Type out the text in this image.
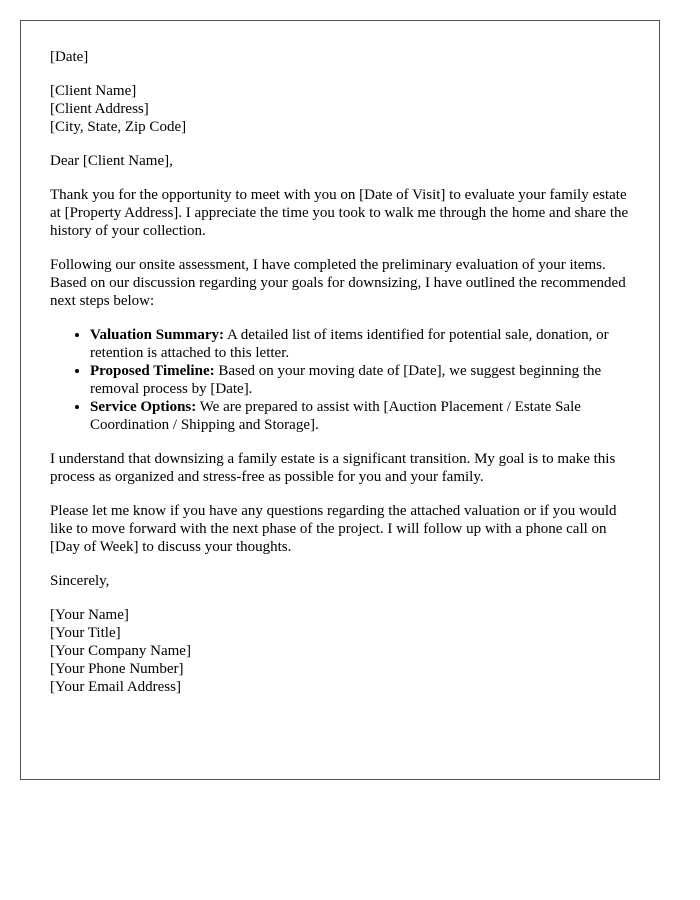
[Date]

[Client Name]
[Client Address]
[City, State, Zip Code]

Dear [Client Name],

Thank you for the opportunity to meet with you on [Date of Visit] to evaluate your family estate at [Property Address]. I appreciate the time you took to walk me through the home and share the history of your collection.

Following our onsite assessment, I have completed the preliminary evaluation of your items. Based on our discussion regarding your goals for downsizing, I have outlined the recommended next steps below:

• Valuation Summary: A detailed list of items identified for potential sale, donation, or retention is attached to this letter.
• Proposed Timeline: Based on your moving date of [Date], we suggest beginning the removal process by [Date].
• Service Options: We are prepared to assist with [Auction Placement / Estate Sale Coordination / Shipping and Storage].

I understand that downsizing a family estate is a significant transition. My goal is to make this process as organized and stress-free as possible for you and your family.

Please let me know if you have any questions regarding the attached valuation or if you would like to move forward with the next phase of the project. I will follow up with a phone call on [Day of Week] to discuss your thoughts.

Sincerely,

[Your Name]
[Your Title]
[Your Company Name]
[Your Phone Number]
[Your Email Address]
